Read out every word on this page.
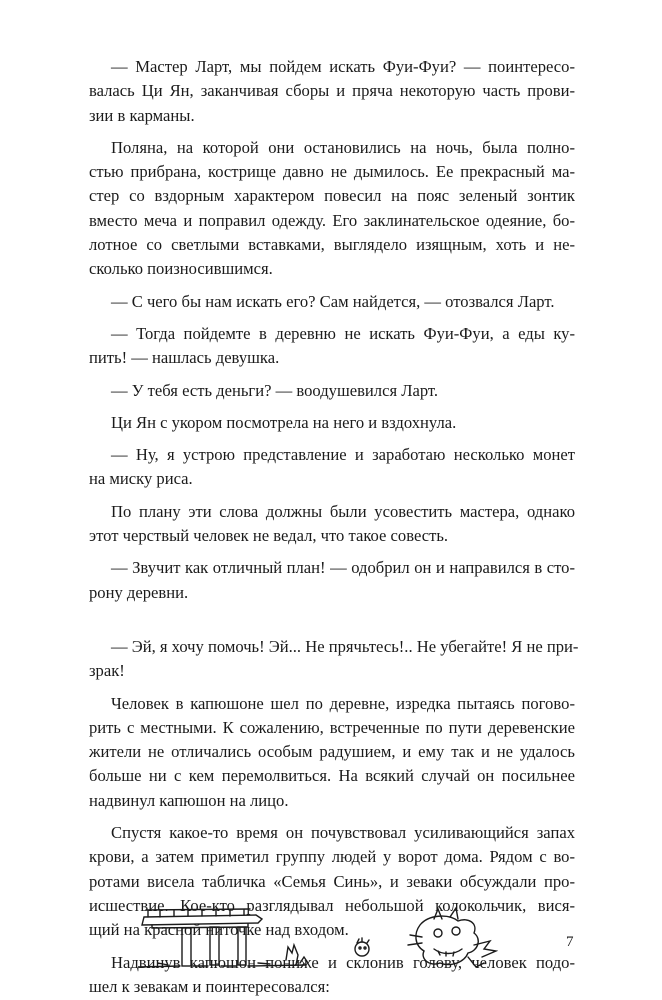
— Мастер Ларт, мы пойдем искать Фуи-Фуи? — поинтересо-
валась Ци Ян, заканчивая сборы и пряча некоторую часть прови-
зии в карманы.

Поляна, на которой они остановились на ночь, была полно-
стью прибрана, кострище давно не дымилось. Ее прекрасный ма-
стер со вздорным характером повесил на пояс зеленый зонтик
вместо меча и поправил одежду. Его заклинательское одеяние, бо-
лотное со светлыми вставками, выглядело изящным, хоть и не-
сколько поизносившимся.

— С чего бы нам искать его? Сам найдется, — отозвался Ларт.

— Тогда пойдемте в деревню не искать Фуи-Фуи, а еды ку-
пить! — нашлась девушка.

— У тебя есть деньги? — воодушевился Ларт.

Ци Ян с укором посмотрела на него и вздохнула.

— Ну, я устрою представление и заработаю несколько монет
на миску риса.

По плану эти слова должны были усовестить мастера, однако
этот черствый человек не ведал, что такое совесть.

— Звучит как отличный план! — одобрил он и направился в сто-
рону деревни.

— Эй, я хочу помочь! Эй... Не прячьтесь!.. Не убегайте! Я не при-
зрак!

Человек в капюшоне шел по деревне, изредка пытаясь поговo-
рить с местными. К сожалению, встреченные по пути деревенские
жители не отличались особым радушием, и ему так и не удалось
больше ни с кем перемолвиться. На всякий случай он посильнее
надвинул капюшон на лицо.

Спустя какое-то время он почувствовал усиливающийся запах
крови, а затем приметил группу людей у ворот дома. Рядом с во-
ротами висела табличка «Семья Синь», и зеваки обсуждали про-
исшествие. Кое-кто разглядывал небольшой колокольчик, вися-
щий на красной ниточке над входом.

Надвинув капюшон пониже и склонив голову, человек подо-
шел к зевакам и поинтересовался:

7
